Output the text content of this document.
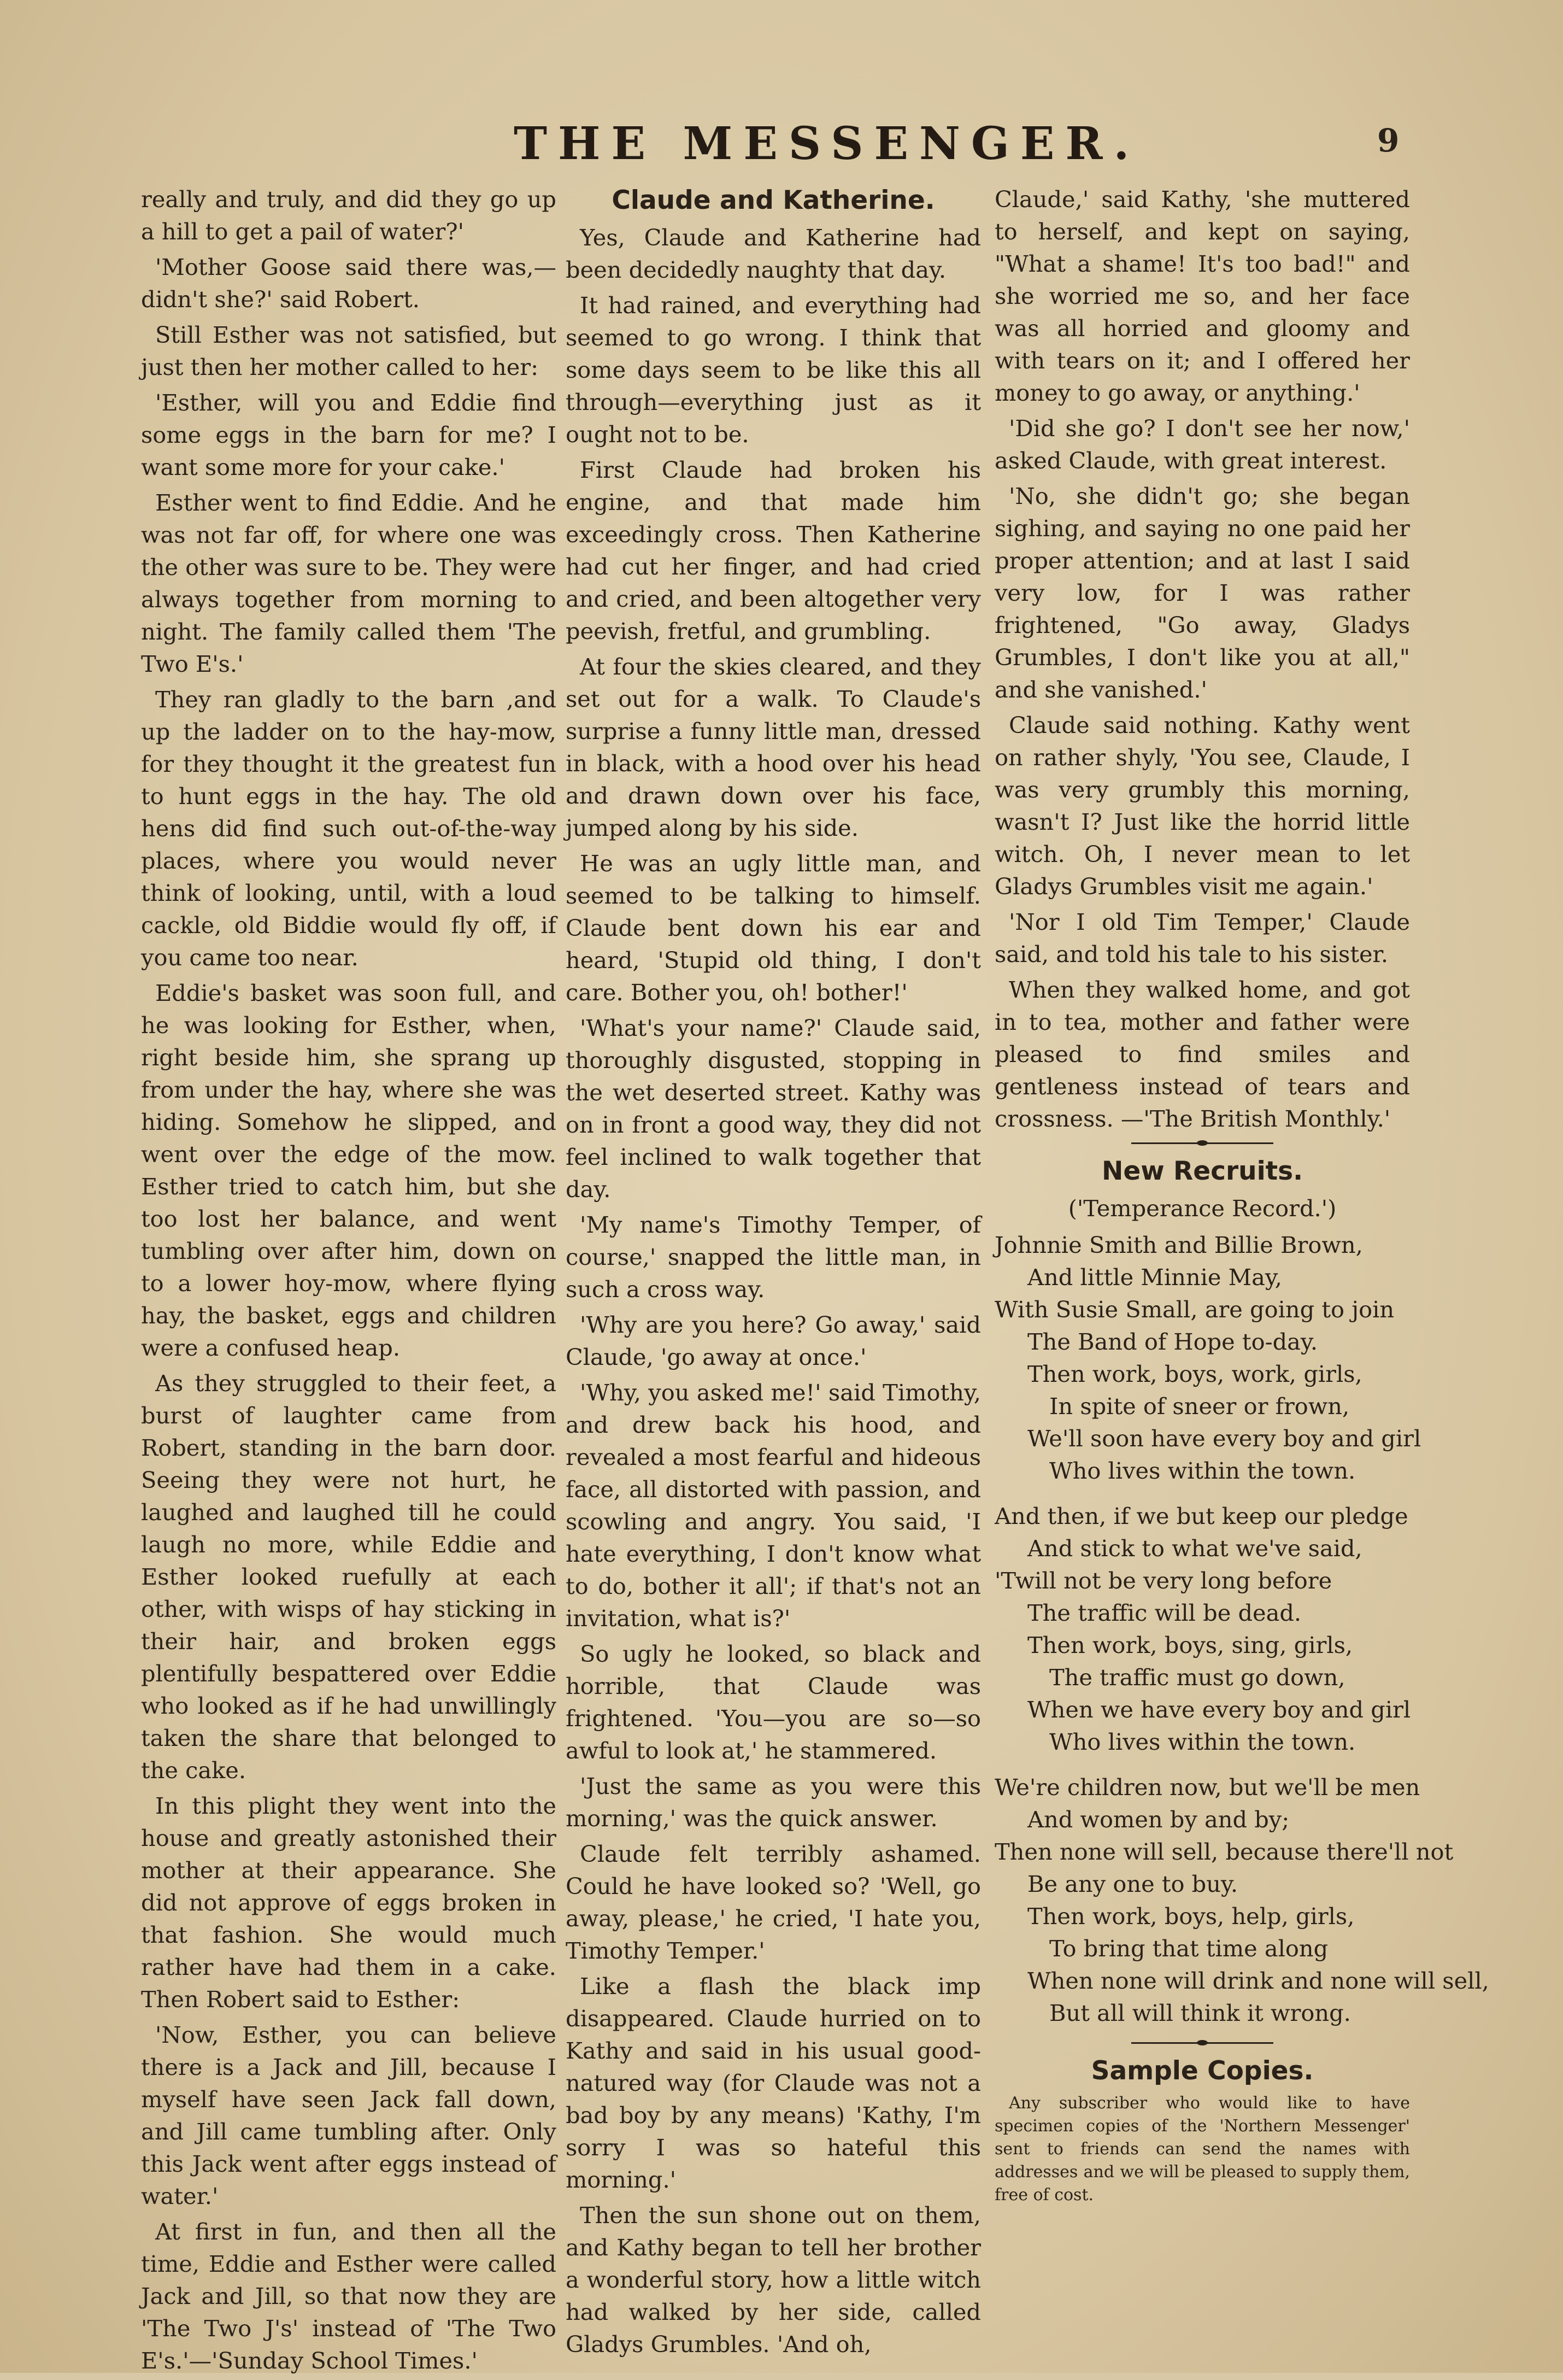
THE MESSENGER.	9

really and truly, and did they go up a hill to get a pail of water?'

'Mother Goose said there was,—didn't she?' said Robert.

Still Esther was not satisfied, but just then her mother called to her:

'Esther, will you and Eddie find some eggs in the barn for me? I want some more for your cake.'

Esther went to find Eddie. And he was not far off, for where one was the other was sure to be. They were always together from morning to night. The family called them 'The Two E's.'

They ran gladly to the barn ,and up the ladder on to the hay-mow, for they thought it the greatest fun to hunt eggs in the hay. The old hens did find such out-of-the-way places, where you would never think of looking, until, with a loud cackle, old Biddie would fly off, if you came too near.

Eddie's basket was soon full, and he was looking for Esther, when, right beside him, she sprang up from under the hay, where she was hiding. Somehow he slipped, and went over the edge of the mow. Esther tried to catch him, but she too lost her balance, and went tumbling over after him, down on to a lower hoy-mow, where flying hay, the basket, eggs and children were a confused heap.

As they struggled to their feet, a burst of laughter came from Robert, standing in the barn door. Seeing they were not hurt, he laughed and laughed till he could laugh no more, while Eddie and Esther looked ruefully at each other, with wisps of hay sticking in their hair, and broken eggs plentifully bespattered over Eddie who looked as if he had unwillingly taken the share that belonged to the cake.

In this plight they went into the house and greatly astonished their mother at their appearance. She did not approve of eggs broken in that fashion. She would much rather have had them in a cake. Then Robert said to Esther:

'Now, Esther, you can believe there is a Jack and Jill, because I myself have seen Jack fall down, and Jill came tumbling after. Only this Jack went after eggs instead of water.'

At first in fun, and then all the time, Eddie and Esther were called Jack and Jill, so that now they are 'The Two J's' instead of 'The Two E's.'—'Sunday School Times.'

Claude and Katherine.

Yes, Claude and Katherine had been decidedly naughty that day.

It had rained, and everything had seemed to go wrong. I think that some days seem to be like this all through—everything just as it ought not to be.

First Claude had broken his engine, and that made him exceedingly cross. Then Katherine had cut her finger, and had cried and cried, and been altogether very peevish, fretful, and grumbling.

At four the skies cleared, and they set out for a walk. To Claude's surprise a funny little man, dressed in black, with a hood over his head and drawn down over his face, jumped along by his side.

He was an ugly little man, and seemed to be talking to himself. Claude bent down his ear and heard, 'Stupid old thing, I don't care. Bother you, oh! bother!'

'What's your name?' Claude said, thoroughly disgusted, stopping in the wet deserted street. Kathy was on in front a good way, they did not feel inclined to walk together that day.

'My name's Timothy Temper, of course,' snapped the little man, in such a cross way.

'Why are you here? Go away,' said Claude, 'go away at once.'

'Why, you asked me!' said Timothy, and drew back his hood, and revealed a most fearful and hideous face, all distorted with passion, and scowling and angry. You said, 'I hate everything, I don't know what to do, bother it all'; if that's not an invitation, what is?'

So ugly he looked, so black and horrible, that Claude was frightened. 'You—you are so—so awful to look at,' he stammered.

'Just the same as you were this morning,' was the quick answer.

Claude felt terribly ashamed. Could he have looked so? 'Well, go away, please,' he cried, 'I hate you, Timothy Temper.'

Like a flash the black imp disappeared. Claude hurried on to Kathy and said in his usual good-natured way (for Claude was not a bad boy by any means) 'Kathy, I'm sorry I was so hateful this morning.'

Then the sun shone out on them, and Kathy began to tell her brother a wonderful story, how a little witch had walked by her side, called Gladys Grumbles. 'And oh,

Claude,' said Kathy, 'she muttered to herself, and kept on saying, "What a shame! It's too bad!" and she worried me so, and her face was all horried and gloomy and with tears on it; and I offered her money to go away, or anything.'

'Did she go? I don't see her now,' asked Claude, with great interest.

'No, she didn't go; she began sighing, and saying no one paid her proper attention; and at last I said very low, for I was rather frightened, "Go away, Gladys Grumbles, I don't like you at all," and she vanished.'

Claude said nothing. Kathy went on rather shyly, 'You see, Claude, I was very grumbly this morning, wasn't I? Just like the horrid little witch. Oh, I never mean to let Gladys Grumbles visit me again.'

'Nor I old Tim Temper,' Claude said, and told his tale to his sister.

When they walked home, and got in to tea, mother and father were pleased to find smiles and gentleness instead of tears and crossness. —'The British Monthly.'

New Recruits.
('Temperance Record.')
Johnnie Smith and Billie Brown,
And little Minnie May,
With Susie Small, are going to join
The Band of Hope to-day.
Then work, boys, work, girls,
In spite of sneer or frown,
We'll soon have every boy and girl
Who lives within the town.
And then, if we but keep our pledge
And stick to what we've said,
'Twill not be very long before
The traffic will be dead.
Then work, boys, sing, girls,
The traffic must go down,
When we have every boy and girl
Who lives within the town.
We're children now, but we'll be men
And women by and by;
Then none will sell, because there'll not
Be any one to buy.
Then work, boys, help, girls,
To bring that time along
When none will drink and none will sell,
But all will think it wrong.
Sample Copies.
Any subscriber who would like to have specimen copies of the 'Northern Messenger' sent to friends can send the names with addresses and we will be pleased to supply them, free of cost.
